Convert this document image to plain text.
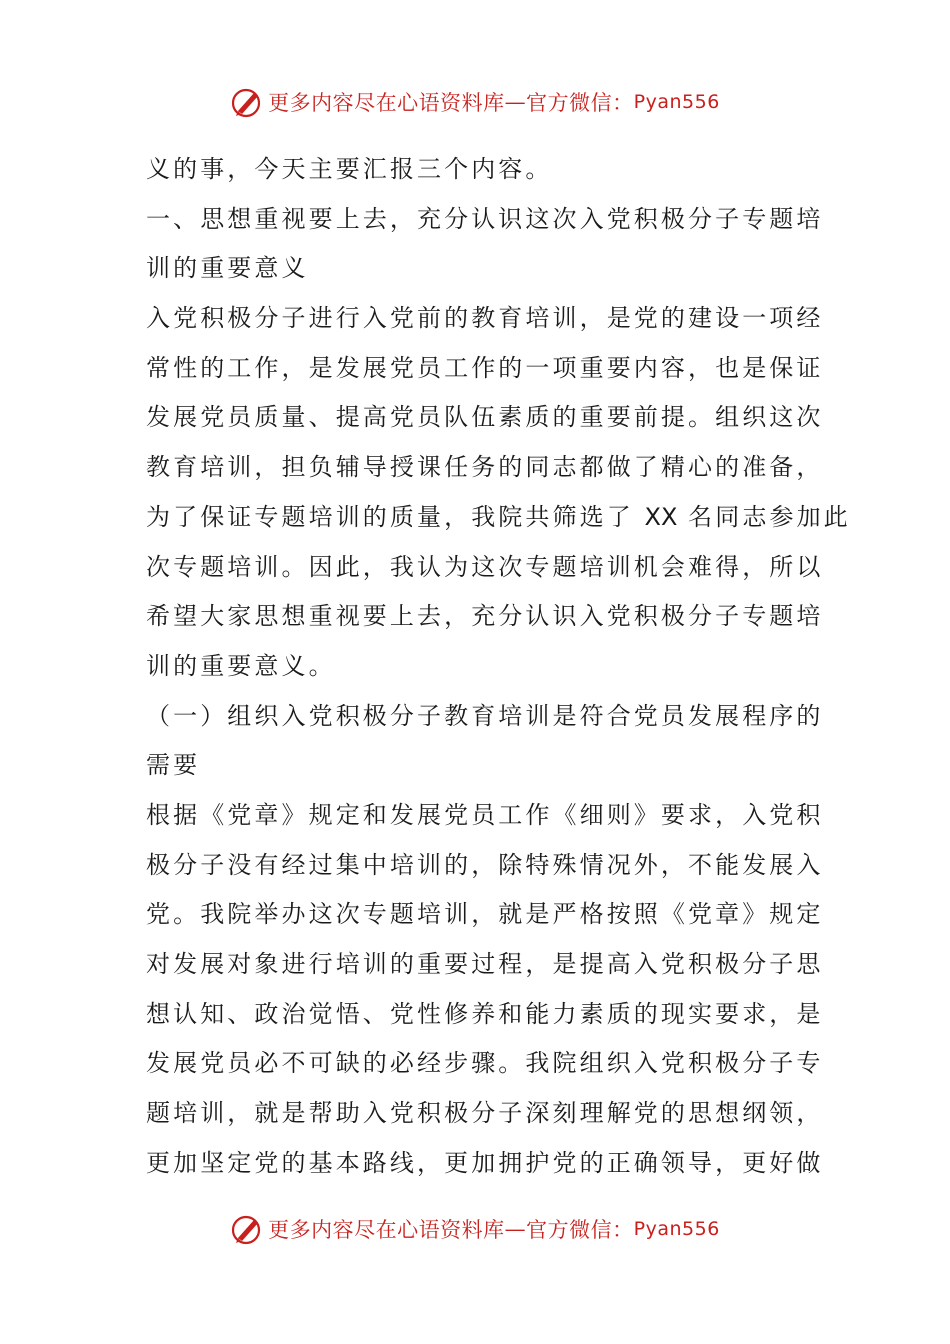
更多内容尽在心语资料库 — 官方微信： Pyan556
义的事，今天主要汇报三个内容。
一、思想重视要上去，充分认识这次入党积极分子专题培
训的重要意义
入党积极分子进行入党前的教育培训，是党的建设一项经
常性的工作，是发展党员工作的一项重要内容，也是保证
发展党员质量、提高党员队伍素质的重要前提。组织这次
教育培训，担负辅导授课任务的同志都做了精心的准备，
为了保证专题培训的质量，我院共筛选了 XX 名同志参加此
次专题培训。因此，我认为这次专题培训机会难得，所以
希望大家思想重视要上去，充分认识入党积极分子专题培
训的重要意义。
（一）组织入党积极分子教育培训是符合党员发展程序的
需要
根据《党章》规定和发展党员工作《细则》要求，入党积
极分子没有经过集中培训的，除特殊情况外，不能发展入
党。我院举办这次专题培训，就是严格按照《党章》规定
对发展对象进行培训的重要过程，是提高入党积极分子思
想认知、政治觉悟、党性修养和能力素质的现实要求，是
发展党员必不可缺的必经步骤。我院组织入党积极分子专
题培训，就是帮助入党积极分子深刻理解党的思想纲领，
更加坚定党的基本路线，更加拥护党的正确领导，更好做
更多内容尽在心语资料库 — 官方微信： Pyan556
